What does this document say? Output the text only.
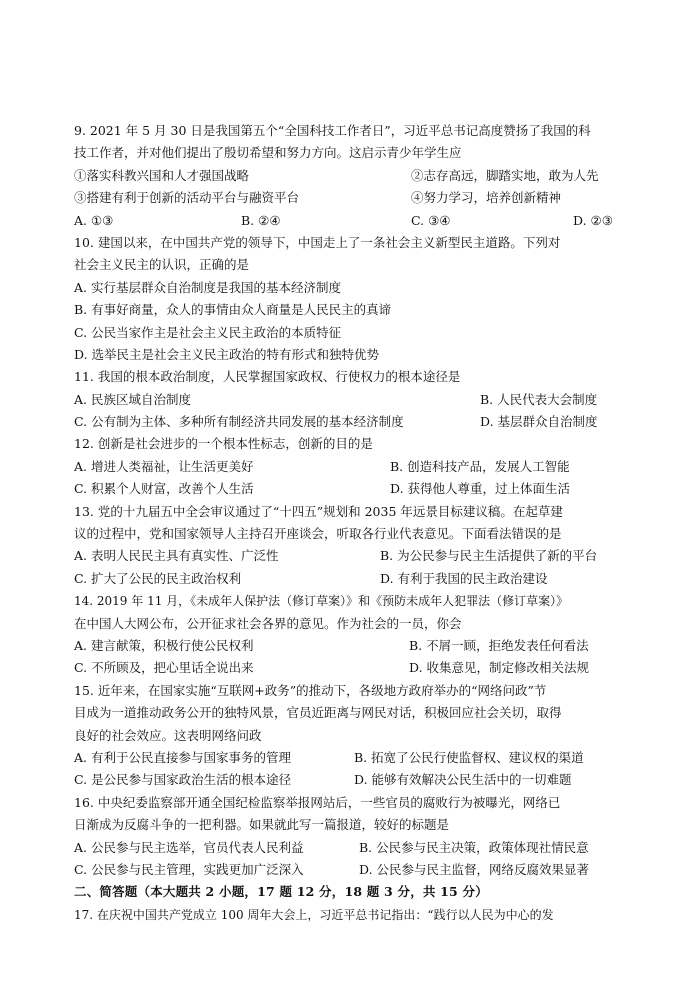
9. 2021 年 5 月 30 日是我国第五个“全国科技工作者日”，习近平总书记高度赞扬了我国的科
技工作者，并对他们提出了殷切希望和努力方向。这启示青少年学生应
①落实科教兴国和人才强国战略	②志存高远，脚踏实地，敢为人先
③搭建有利于创新的活动平台与融资平台	④努力学习，培养创新精神
A. ①③	B. ②④	C. ③④	D. ②③
10. 建国以来，在中国共产党的领导下，中国走上了一条社会主义新型民主道路。下列对
社会主义民主的认识，正确的是
A. 实行基层群众自治制度是我国的基本经济制度
B. 有事好商量，众人的事情由众人商量是人民民主的真谛
C. 公民当家作主是社会主义民主政治的本质特征
D. 选举民主是社会主义民主政治的特有形式和独特优势
11. 我国的根本政治制度，人民掌握国家政权、行使权力的根本途径是
A. 民族区域自治制度	B. 人民代表大会制度
C. 公有制为主体、多种所有制经济共同发展的基本经济制度	D. 基层群众自治制度
12. 创新是社会进步的一个根本性标志，创新的目的是
A. 增进人类福祉，让生活更美好	B. 创造科技产品，发展人工智能
C. 积累个人财富，改善个人生活	D. 获得他人尊重，过上体面生活
13. 党的十九届五中全会审议通过了“十四五”规划和 2035 年远景目标建议稿。在起草建
议的过程中，党和国家领导人主持召开座谈会，听取各行业代表意见。下面看法错误的是
A. 表明人民民主具有真实性、广泛性	B. 为公民参与民主生活提供了新的平台
C. 扩大了公民的民主政治权利	D. 有利于我国的民主政治建设
14. 2019 年 11 月，《未成年人保护法（修订草案）》和《预防未成年人犯罪法（修订草案）》
在中国人大网公布，公开征求社会各界的意见。作为社会的一员，你会
A. 建言献策，积极行使公民权利	B. 不屑一顾，拒绝发表任何看法
C. 不所顾及，把心里话全说出来	D. 收集意见，制定修改相关法规
15. 近年来，在国家实施“互联网+政务”的推动下，各级地方政府举办的“网络问政”节
目成为一道推动政务公开的独特风景，官员近距离与网民对话，积极回应社会关切，取得
良好的社会效应。这表明网络问政
A. 有利于公民直接参与国家事务的管理	B. 拓宽了公民行使监督权、建议权的渠道
C. 是公民参与国家政治生活的根本途径	D. 能够有效解决公民生活中的一切难题
16. 中央纪委监察部开通全国纪检监察举报网站后，一些官员的腐败行为被曝光，网络已
日渐成为反腐斗争的一把利器。如果就此写一篇报道，较好的标题是
A. 公民参与民主选举，官员代表人民利益	B. 公民参与民主决策，政策体现社情民意
C. 公民参与民主管理，实践更加广泛深入	D. 公民参与民主监督，网络反腐效果显著
二、简答题（本大题共 2 小题，17 题 12 分，18 题 3 分，共 15 分）
17. 在庆祝中国共产党成立 100 周年大会上，习近平总书记指出：“践行以人民为中心的发
